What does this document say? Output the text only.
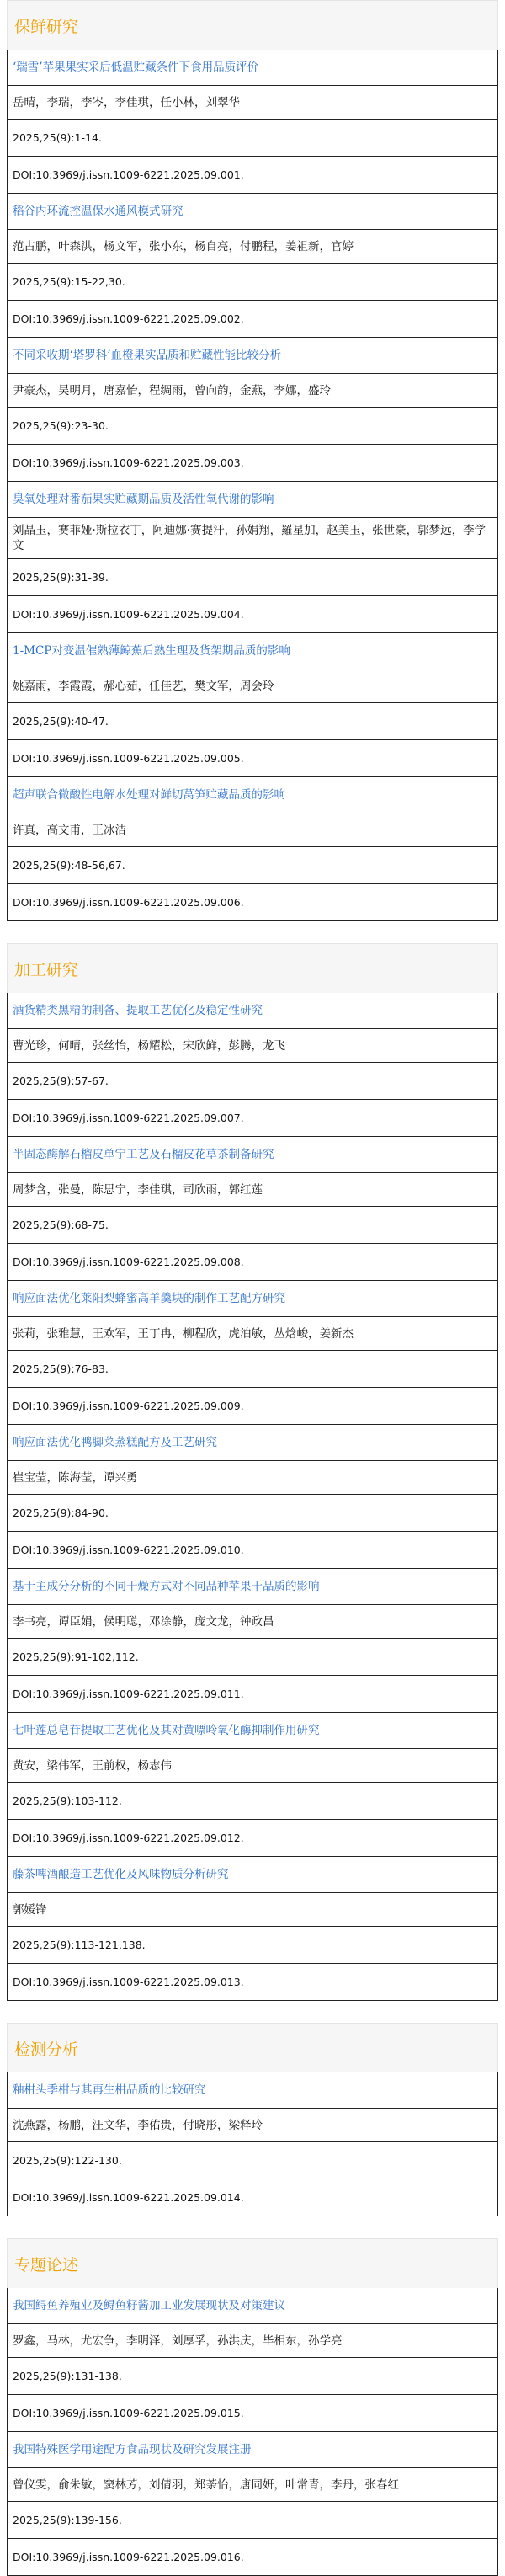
保鲜研究
‘瑞雪’苹果果实采后低温贮藏条件下食用品质评价
岳晴，李瑞，李岑，李佳琪，任小林，刘翠华
2025,25(9):1-14.
DOI:10.3969/j.issn.1009-6221.2025.09.001.
稻谷内环流控温保水通风模式研究
范占鹏，叶森洪，杨文军，张小东，杨自亮，付鹏程，姜祖新，官婷
2025,25(9):15-22,30.
DOI:10.3969/j.issn.1009-6221.2025.09.002.
不同采收期‘塔罗科’血橙果实品质和贮藏性能比较分析
尹豪杰，吴明月，唐嘉怡，程绸雨，曾向韵，金燕，李娜，盛玲
2025,25(9):23-30.
DOI:10.3969/j.issn.1009-6221.2025.09.003.
臭氧处理对番茄果实贮藏期品质及活性氧代谢的影响
刘晶玉，赛菲娅·斯拉衣丁，阿迪娜·赛提汗，孙娟翔，羅星加，赵美玉，张世豪，郭梦远，李学文
2025,25(9):31-39.
DOI:10.3969/j.issn.1009-6221.2025.09.004.
1-MCP对变温催熟薄鲸蕉后熟生理及货架期品质的影响
姚嘉雨，李霞霞，郝心茹，任佳艺，樊文军，周会玲
2025,25(9):40-47.
DOI:10.3969/j.issn.1009-6221.2025.09.005.
超声联合微酸性电解水处理对鲜切莴笋贮藏品质的影响
许真，高文甫，王冰洁
2025,25(9):48-56,67.
DOI:10.3969/j.issn.1009-6221.2025.09.006.
加工研究
酒货精类黑精的制备、提取工艺优化及稳定性研究
曹光珍，何晴，张丝怡，杨耀松，宋欣鲜，彭腾，龙飞
2025,25(9):57-67.
DOI:10.3969/j.issn.1009-6221.2025.09.007.
半固态酶解石榴皮单宁工艺及石榴皮花草茶制备研究
周梦含，张曼，陈思宁，李佳琪，司欣雨，郭红莲
2025,25(9):68-75.
DOI:10.3969/j.issn.1009-6221.2025.09.008.
响应面法优化莱阳梨蜂蜜高羊羹块的制作工艺配方研究
张莉，张雅慧，王欢军，王丁冉，柳程欣，虎泊敏，丛焓峻，姜新杰
2025,25(9):76-83.
DOI:10.3969/j.issn.1009-6221.2025.09.009.
响应面法优化鸭脚菜蒸糕配方及工艺研究
崔宝莹，陈海莹，谭兴勇
2025,25(9):84-90.
DOI:10.3969/j.issn.1009-6221.2025.09.010.
基于主成分分析的不同干燥方式对不同品种苹果干品质的影响
李书亮，谭臣娟，侯明聪，邓涂静，庞文龙，钟政昌
2025,25(9):91-102,112.
DOI:10.3969/j.issn.1009-6221.2025.09.011.
七叶莲总皂苷提取工艺优化及其对黄嘌呤氧化酶抑制作用研究
黄安，梁伟军，王前权，杨志伟
2025,25(9):103-112.
DOI:10.3969/j.issn.1009-6221.2025.09.012.
藤茶啤酒酿造工艺优化及风味物质分析研究
郭媛锋
2025,25(9):113-121,138.
DOI:10.3969/j.issn.1009-6221.2025.09.013.
检测分析
釉柑头季柑与其再生柑品质的比较研究
沈燕露，杨鹏，汪文华，李佑贵，付晓彤，梁释玲
2025,25(9):122-130.
DOI:10.3969/j.issn.1009-6221.2025.09.014.
专题论述
我国鲟鱼养殖业及鲟鱼籽酱加工业发展现状及对策建议
罗鑫，马林，尤宏争，李明泽，刘厚孚，孙洪庆，毕相东，孙学亮
2025,25(9):131-138.
DOI:10.3969/j.issn.1009-6221.2025.09.015.
我国特殊医学用途配方食品现状及研究发展注册
曾仪雯，俞朱敏，窦林芳，刘倩羽，郑荼怡，唐同妍，叶常青，李丹，张春红
2025,25(9):139-156.
DOI:10.3969/j.issn.1009-6221.2025.09.016.
